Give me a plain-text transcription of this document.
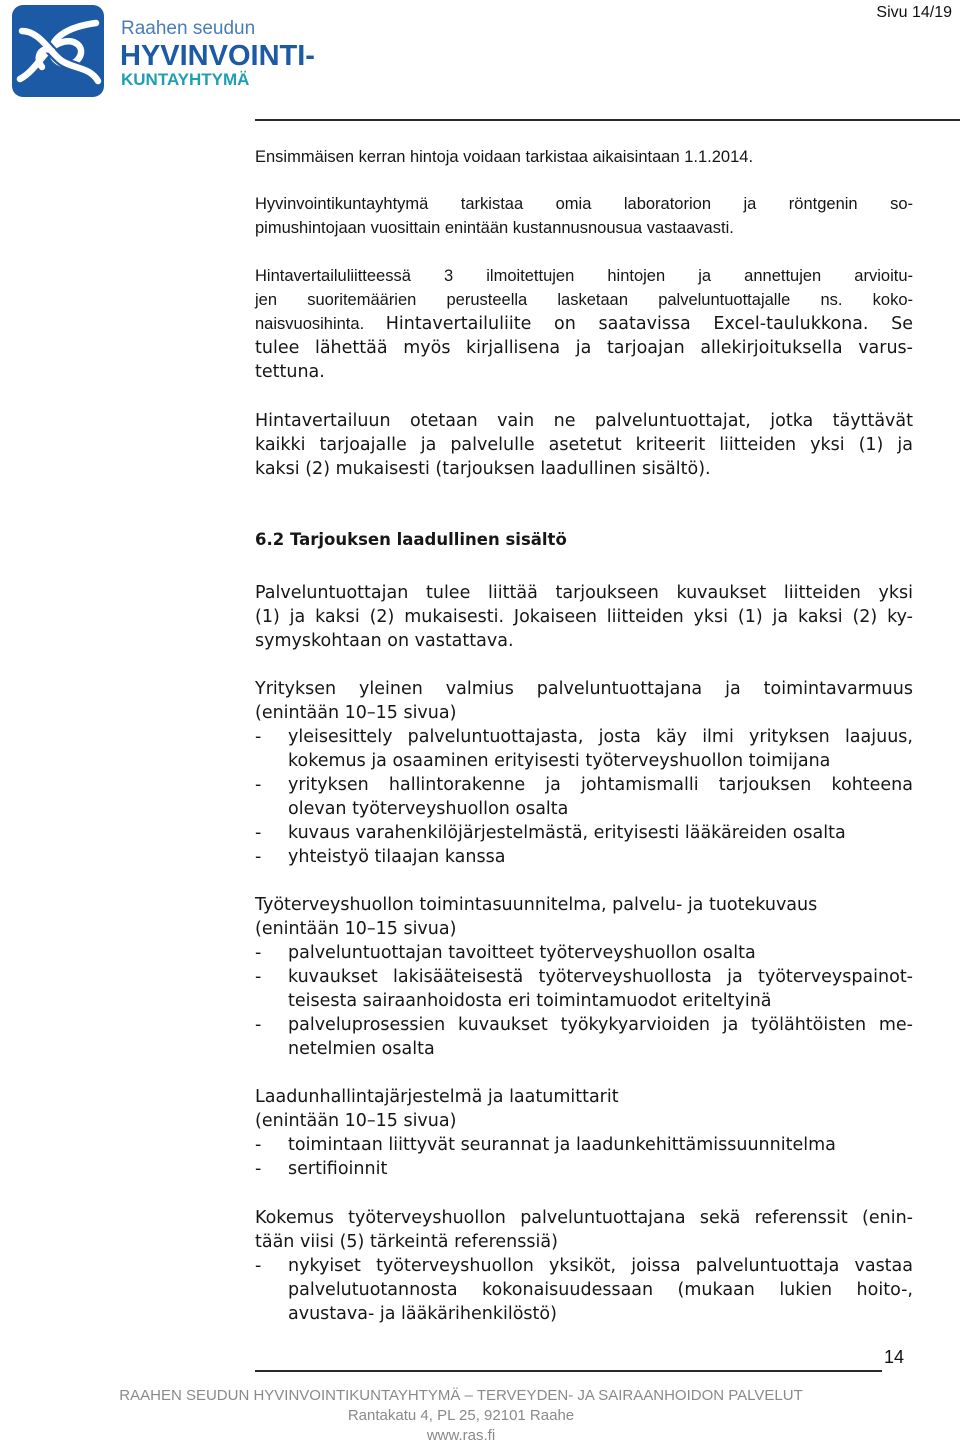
Raahen seudun
HYVINVOINTI-
KUNTAYHTYMÄ
Sivu 14/19
Ensimmäisen kerran hintoja voidaan tarkistaa aikaisintaan 1.1.2014.
Hyvinvointikuntayhtymä tarkistaa omia laboratorion ja röntgenin so-
pimushintojaan vuosittain enintään kustannusnousua vastaavasti.
Hintavertailuliitteessä 3 ilmoitettujen hintojen ja annettujen arvioitu-
jen suoritemäärien perusteella lasketaan palveluntuottajalle ns. koko-
naisvuosihinta. Hintavertailuliite on saatavissa Excel-taulukkona. Se
tulee lähettää myös kirjallisena ja tarjoajan allekirjoituksella varus-
tettuna.
Hintavertailuun otetaan vain ne palveluntuottajat, jotka täyttävät
kaikki tarjoajalle ja palvelulle asetetut kriteerit liitteiden yksi (1) ja
kaksi (2) mukaisesti (tarjouksen laadullinen sisältö).
6.2 Tarjouksen laadullinen sisältö
Palveluntuottajan tulee liittää tarjoukseen kuvaukset liitteiden yksi
(1) ja kaksi (2) mukaisesti. Jokaiseen liitteiden yksi (1) ja kaksi (2) ky-
symyskohtaan on vastattava.
Yrityksen yleinen valmius palveluntuottajana ja toimintavarmuus
(enintään 10–15 sivua)
- yleisesittely palveluntuottajasta, josta käy ilmi yrityksen laajuus,
kokemus ja osaaminen erityisesti työterveyshuollon toimijana
- yrityksen hallintorakenne ja johtamismalli tarjouksen kohteena
olevan työterveyshuollon osalta
- kuvaus varahenkilöjärjestelmästä, erityisesti lääkäreiden osalta
- yhteistyö tilaajan kanssa
Työterveyshuollon toimintasuunnitelma, palvelu- ja tuotekuvaus
(enintään 10–15 sivua)
- palveluntuottajan tavoitteet työterveyshuollon osalta
- kuvaukset lakisääteisestä työterveyshuollosta ja työterveyspainot-
teisesta sairaanhoidosta eri toimintamuodot eriteltyinä
- palveluprosessien kuvaukset työkykyarvioiden ja työlähtöisten me-
netelmien osalta
Laadunhallintajärjestelmä ja laatumittarit
(enintään 10–15 sivua)
- toimintaan liittyvät seurannat ja laadunkehittämissuunnitelma
- sertifioinnit
Kokemus työterveyshuollon palveluntuottajana sekä referenssit (enin-
tään viisi (5) tärkeintä referenssiä)
- nykyiset työterveyshuollon yksiköt, joissa palveluntuottaja vastaa
palvelutuotannosta kokonaisuudessaan (mukaan lukien hoito-,
avustava- ja lääkärihenkilöstö)
14
RAAHEN SEUDUN HYVINVOINTIKUNTAYHTYMÄ – TERVEYDEN- JA SAIRAANHOIDON PALVELUT
Rantakatu 4, PL 25, 92101 Raahe
www.ras.fi
